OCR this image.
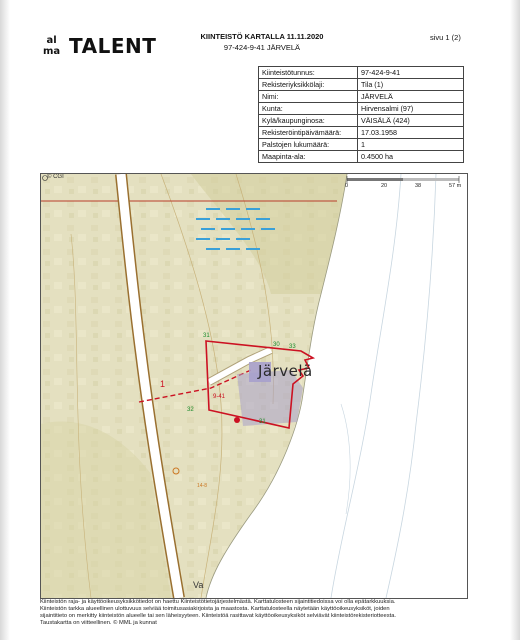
al
ma TALENT	KIINTEISTÖ KARTALLA 11.11.2020
97-424-9-41 JÄRVELÄ
sivu 1 (2)
Kiinteistötunnus:	97-424-9-41
Rekisteriyksikkölaji:	Tila (1)
Nimi:	JÄRVELÄ
Kunta:	Hirvensalmi (97)
Kylä/kaupunginosa:	VÄISÄLÄ (424)
Rekisteröintipäivämäärä:	17.03.1958
Palstojen lukumäärä:	1
Maapinta-ala:	0.4500 ha
© CGI
Järvelä
9-41
1
31
30
31
32
33
14-8
Va
0	20	38	57 m
Kiinteistön raja- ja käyttöoikeusyksikkötiedot on haettu Kiinteistötietojärjestelmästä. Karttatulosteen sijaintitiedoissa voi olla epätarkkuuksia.
Kiinteistön tarkka alueellinen ulottuvuus selviää toimitusasiakirjoista ja maastosta. Karttatulosteella näytetään käyttöoikeusyksiköt, joiden
sijaintitieto on merkitty kiinteistön alueelle tai sen läheisyyteen. Kiinteistöä rasittavat käyttöoikeusyksiköt selviävät kiinteistörekisteriotteesta.
Taustakartta on viitteellinen. © MML ja kunnat
